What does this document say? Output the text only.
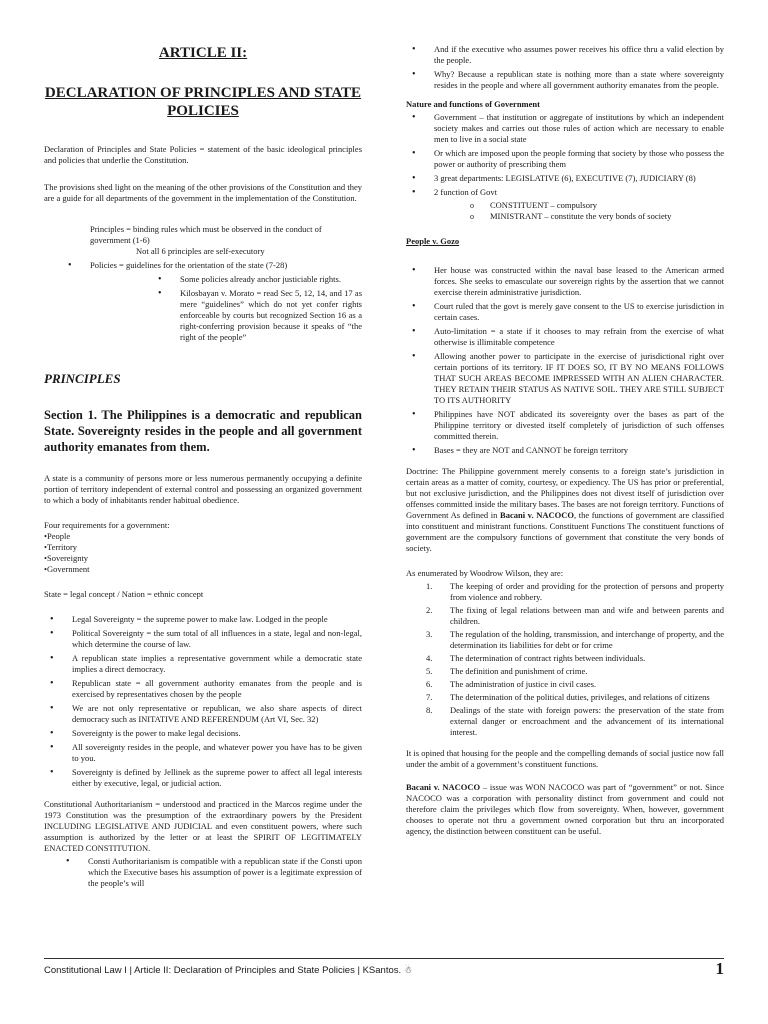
ARTICLE II:

DECLARATION OF PRINCIPLES AND STATE POLICIES

Declaration of Principles and State Policies = statement of the basic ideological principles and policies that underlie the Constitution.

The provisions shed light on the meaning of the other provisions of the Constitution and they are a guide for all departments of the government in the implementation of the Constitution.

Principles = binding rules which must be observed in the conduct of government (1-6)

Not all 6 principles are self-executory

• Policies = guidelines for the orientation of the state (7-28)
• Some policies already anchor justiciable rights.
• Kilosbayan v. Morato = read Sec 5, 12, 14, and 17 as mere “guidelines” which do not yet confer rights enforceable by courts but recognized Section 16 as a right-conferring provision because it speaks of “the right of the people”

PRINCIPLES

Section 1. The Philippines is a democratic and republican State. Sovereignty resides in the people and all government authority emanates from them.

A state is a community of persons more or less numerous permanently occupying a definite portion of territory independent of external control and possessing an organized government to which a body of inhabitants render habitual obedience.

Four requirements for a government:

•People

•Territory

•Sovereignty

•Government

State = legal concept / Nation = ethnic concept

• Legal Sovereignty = the supreme power to make law. Lodged in the people
• Political Sovereignty = the sum total of all influences in a state, legal and non-legal, which determine the course of law.
• A republican state implies a representative government while a democratic state implies a direct democracy.
• Republican state = all government authority emanates from the people and is exercised by representatives chosen by the people
• We are not only representative or republican, we also share aspects of direct democracy such as INITATIVE AND REFERENDUM (Art VI, Sec. 32)
• Sovereignty is the power to make legal decisions.
• All sovereignty resides in the people, and whatever power you have has to be given to you.
• Sovereignty is defined by Jellinek as the supreme power to affect all legal interests either by executive, legal, or judicial action.

Constitutional Authoritarianism = understood and practiced in the Marcos regime under the 1973 Constitution was the presumption of the extraordinary powers by the President INCLUDING LEGISLATIVE AND JUDICIAL and even constituent powers, where such assumption is authorized by the letter or at least the SPIRIT OF LEGITIMATELY ENACTED CONSTITUTION.

• Consti Authoritarianism is compatible with a republican state if the Consti upon which the Executive bases his assumption of power is a legitimate expression of the people’s will
• And if the executive who assumes power receives his office thru a valid election by the people.
• Why? Because a republican state is nothing more than a state where sovereignty resides in the people and where all government authority emanates from the people.

Nature and functions of Government

• Government – that institution or aggregate of institutions by which an independent society makes and carries out those rules of action which are necessary to enable men to live in a social state
• Or which are imposed upon the people forming that society by those who possess the power or authority of prescribing them
• 3 great departments: LEGISLATIVE (6), EXECUTIVE (7), JUDICIARY (8)
• 2 function of Govt
o CONSTITUENT – compulsory
o MINISTRANT – constitute the very bonds of society

People v. Gozo

• Her house was constructed within the naval base leased to the American armed forces. She seeks to emasculate our sovereign rights by the assertion that we cannot exercise therein administrative jurisdiction.
• Court ruled that the govt is merely gave consent to the US to exercise jurisdiction in certain cases.
• Auto-limitation = a state if it chooses to may refrain from the exercise of what otherwise is illimitable competence
• Allowing another power to participate in the exercise of jurisdictional right over certain portions of its territory. IF IT DOES SO, IT BY NO MEANS FOLLOWS THAT SUCH AREAS BECOME IMPRESSED WITH AN ALIEN CHARACTER. THEY RETAIN THEIR STATUS AS NATIVE SOIL. THEY ARE STILL SUBJECT TO ITS AUTHORITY
• Philippines have NOT abdicated its sovereignty over the bases as part of the Philippine territory or divested itself completely of jurisdiction of such offenses committed therein.
• Bases = they are NOT and CANNOT be foreign territory

Doctrine: The Philippine government merely consents to a foreign state’s jurisdiction in certain areas as a matter of comity, courtesy, or expediency. The US has prior or preferential, but not exclusive jurisdiction, and the Philippines does not divest itself of jurisdiction over offenses committed inside the military bases. The bases are not foreign territory. Functions of Government As defined in Bacani v. NACOCO, the functions of government are classified into constituent and ministrant functions. Constituent Functions The constituent functions of government are the compulsory functions of government that constitute the very bonds of society.

As enumerated by Woodrow Wilson, they are:

1. The keeping of order and providing for the protection of persons and property from violence and robbery.
2. The fixing of legal relations between man and wife and between parents and children.
3. The regulation of the holding, transmission, and interchange of property, and the determination its liabilities for debt or for crime
4. The determination of contract rights between individuals.
5. The definition and punishment of crime.
6. The administration of justice in civil cases.
7. The determination of the political duties, privileges, and relations of citizens
8. Dealings of the state with foreign powers: the preservation of the state from external danger or encroachment and the advancement of its international interest.

It is opined that housing for the people and the compelling demands of social justice now fall under the ambit of a government’s constituent functions.

Bacani v. NACOCO – issue was WON NACOCO was part of “government” or not. Since NACOCO was a corporation with personality distinct from government and could not therefore claim the privileges which flow from sovereignty. When, however, government chooses to operate not thru a government owned corporation but thru an incorporated agency, the distinction between constituent can be useful.

Constitutional Law I | Article II: Declaration of Principles and State Policies | KSantos. ☃	1
